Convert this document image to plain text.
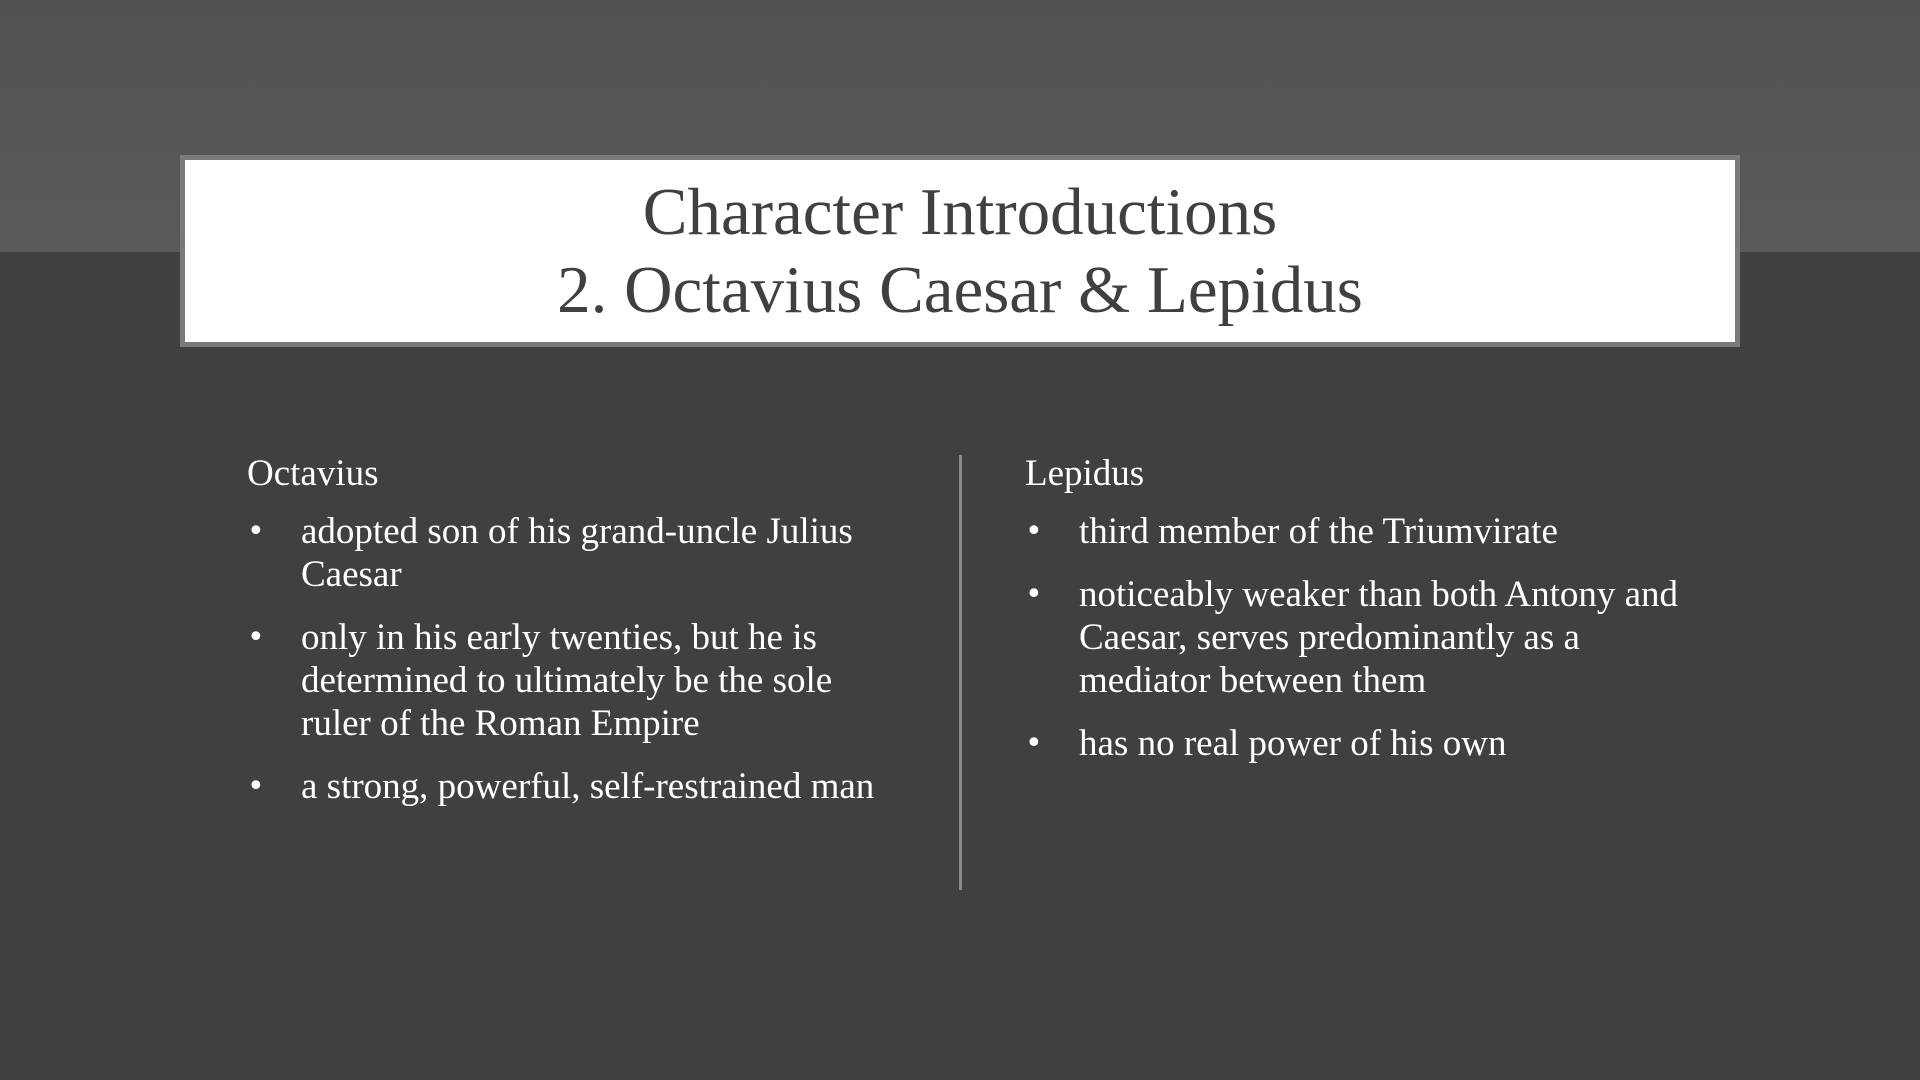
Character Introductions
2. Octavius Caesar & Lepidus
Octavius
• adopted son of his grand-uncle Julius Caesar
• only in his early twenties, but he is determined to ultimately be the sole ruler of the Roman Empire
• a strong, powerful, self-restrained man
Lepidus
• third member of the Triumvirate
• noticeably weaker than both Antony and Caesar, serves predominantly as a mediator between them
• has no real power of his own
